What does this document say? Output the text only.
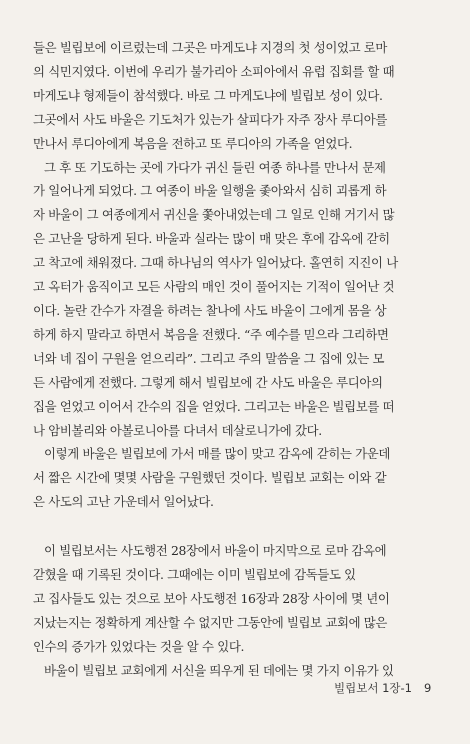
들은 빌립보에 이르렀는데 그곳은 마게도냐 지경의 첫 성이었고 로마
의 식민지였다. 이번에 우리가 불가리아 소피아에서 유럽 집회를 할 때
마게도냐 형제들이 참석했다. 바로 그 마게도냐에 빌립보 성이 있다.
그곳에서 사도 바울은 기도처가 있는가 살피다가 자주 장사 루디아를
만나서 루디아에게 복음을 전하고 또 루디아의 가족을 얻었다.
그 후 또 기도하는 곳에 가다가 귀신 들린 여종 하나를 만나서 문제
가 일어나게 되었다. 그 여종이 바울 일행을 좇아와서 심히 괴롭게 하
자 바울이 그 여종에게서 귀신을 쫓아내었는데 그 일로 인해 거기서 많
은 고난을 당하게 된다. 바울과 실라는 많이 매 맞은 후에 감옥에 갇히
고 착고에 채워졌다. 그때 하나님의 역사가 일어났다. 홀연히 지진이 나
고 옥터가 움직이고 모든 사람의 매인 것이 풀어지는 기적이 일어난 것
이다. 놀란 간수가 자결을 하려는 찰나에 사도 바울이 그에게 몸을 상
하게 하지 말라고 하면서 복음을 전했다. “주 예수를 믿으라 그리하면
너와 네 집이 구원을 얻으리라”. 그리고 주의 말씀을 그 집에 있는 모
든 사람에게 전했다. 그렇게 해서 빌립보에 간 사도 바울은 루디아의
집을 얻었고 이어서 간수의 집을 얻었다. 그리고는 바울은 빌립보를 떠
나 암비볼리와 아볼로니아를 다녀서 데살로니가에 갔다.
이렇게 바울은 빌립보에 가서 매를 많이 맞고 감옥에 갇히는 가운데
서 짧은 시간에 몇몇 사람을 구원했던 것이다. 빌립보 교회는 이와 같
은 사도의 고난 가운데서 일어났다.
이 빌립보서는 사도행전 28장에서 바울이 마지막으로 로마 감옥에
갇혔을 때 기록된 것이다. 그때에는 이미 빌립보에 감독들도 있
고 집사들도 있는 것으로 보아 사도행전 16장과 28장 사이에 몇 년이
지났는지는 정확하게 계산할 수 없지만 그동안에 빌립보 교회에 많은
인수의 증가가 있었다는 것을 알 수 있다.
바울이 빌립보 교회에게 서신을 띄우게 된 데에는 몇 가지 이유가 있
빌립보서 1장-1 9
